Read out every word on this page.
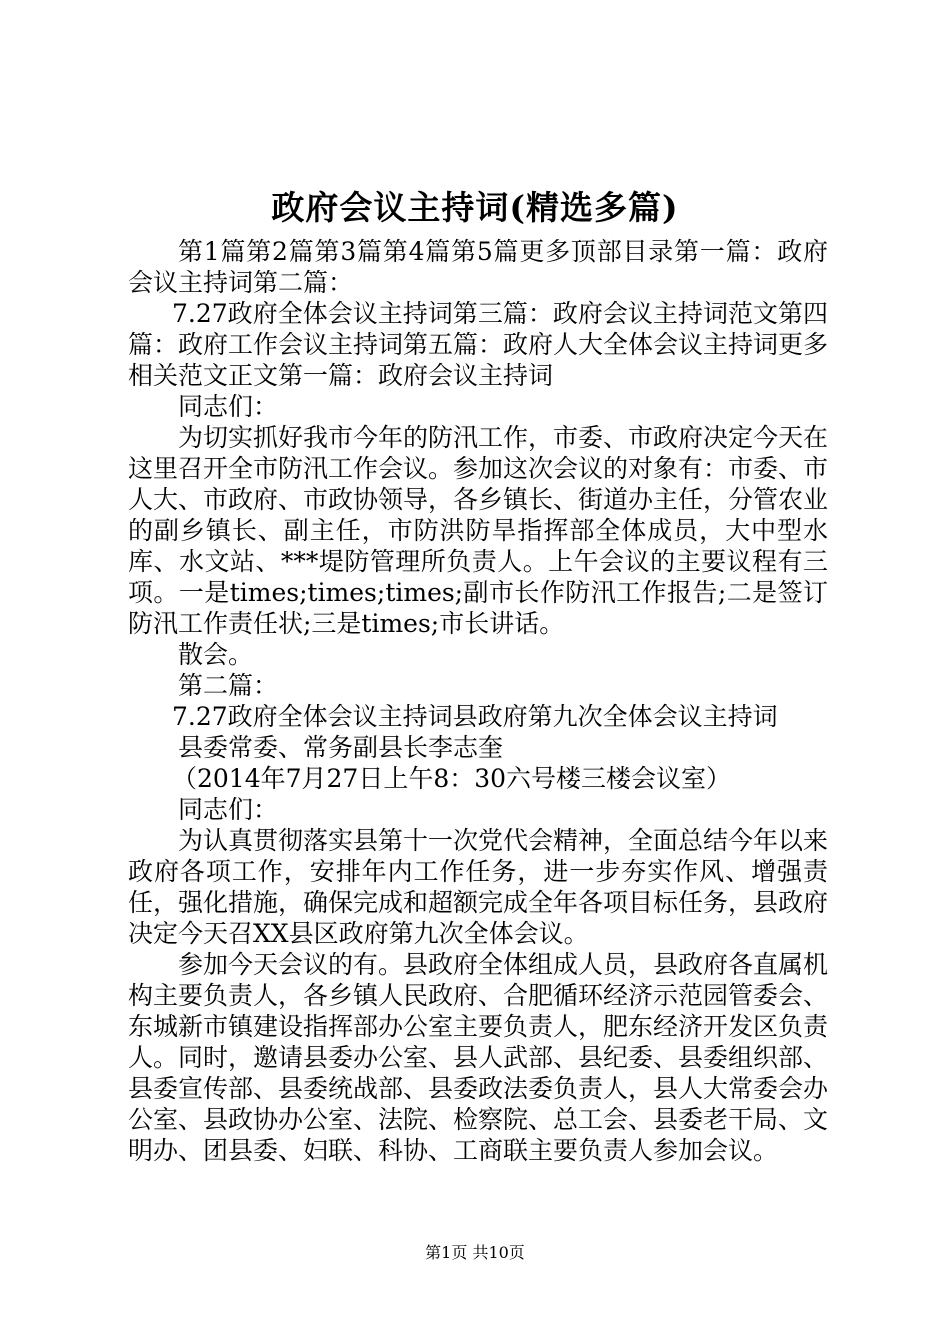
政府会议主持词(精选多篇)

第1篇第2篇第3篇第4篇第5篇更多顶部目录第一篇：政府会议主持词第二篇：

7.27政府全体会议主持词第三篇：政府会议主持词范文第四篇：政府工作会议主持词第五篇：政府人大全体会议主持词更多相关范文正文第一篇：政府会议主持词

同志们：

为切实抓好我市今年的防汛工作，市委、市政府决定今天在这里召开全市防汛工作会议。参加这次会议的对象有：市委、市人大、市政府、市政协领导，各乡镇长、街道办主任，分管农业的副乡镇长、副主任，市防洪防旱指挥部全体成员，大中型水库、水文站、***堤防管理所负责人。上午会议的主要议程有三项。一是times;times;times;副市长作防汛工作报告;二是签订防汛工作责任状;三是times;市长讲话。

散会。

第二篇：

7.27政府全体会议主持词县政府第九次全体会议主持词

县委常委、常务副县长李志奎

（2014年7月27日上午8：30六号楼三楼会议室）

同志们：

为认真贯彻落实县第十一次党代会精神，全面总结今年以来政府各项工作，安排年内工作任务，进一步夯实作风、增强责任，强化措施，确保完成和超额完成全年各项目标任务，县政府决定今天召XX县区政府第九次全体会议。

参加今天会议的有。县政府全体组成人员，县政府各直属机构主要负责人，各乡镇人民政府、合肥循环经济示范园管委会、东城新市镇建设指挥部办公室主要负责人，肥东经济开发区负责人。同时，邀请县委办公室、县人武部、县纪委、县委组织部、县委宣传部、县委统战部、县委政法委负责人，县人大常委会办公室、县政协办公室、法院、检察院、总工会、县委老干局、文明办、团县委、妇联、科协、工商联主要负责人参加会议。

第1页 共10页
